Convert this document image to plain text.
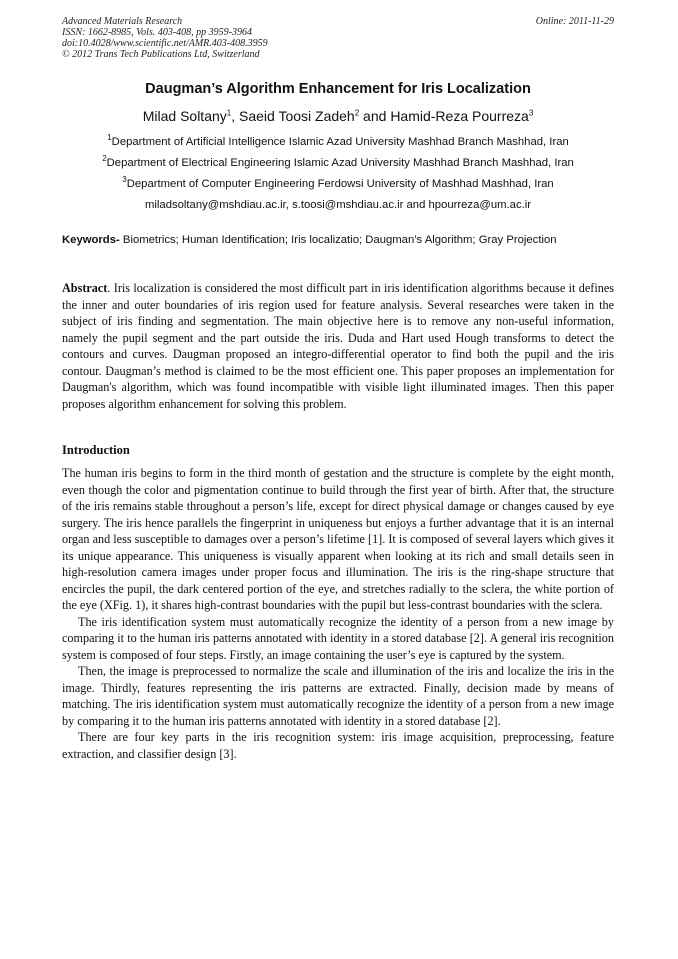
Advanced Materials Research
ISSN: 1662-8985, Vols. 403-408, pp 3959-3964
doi:10.4028/www.scientific.net/AMR.403-408.3959
© 2012 Trans Tech Publications Ltd, Switzerland
Online: 2011-11-29
Daugman’s Algorithm Enhancement for Iris Localization
Milad Soltany$^1$, Saeid Toosi Zadeh$^2$ and Hamid-Reza Pourreza$^3$
$^1$Department of Artificial Intelligence Islamic Azad University Mashhad Branch Mashhad, Iran
$^2$Department of Electrical Engineering Islamic Azad University Mashhad Branch Mashhad, Iran
$^3$Department of Computer Engineering Ferdowsi University of Mashhad Mashhad, Iran
miladsoltany@mshdiau.ac.ir, s.toosi@mshdiau.ac.ir and hpourreza@um.ac.ir
Keywords- Biometrics; Human Identification; Iris localizatio; Daugman’s Algorithm; Gray Projection
Abstract. Iris localization is considered the most difficult part in iris identification algorithms because it defines the inner and outer boundaries of iris region used for feature analysis. Several researches were taken in the subject of iris finding and segmentation. The main objective here is to remove any non-useful information, namely the pupil segment and the part outside the iris. Duda and Hart used Hough transforms to detect the contours and curves. Daugman proposed an integro-differential operator to find both the pupil and the iris contour. Daugman’s method is claimed to be the most efficient one. This paper proposes an implementation for Daugman's algorithm, which was found incompatible with visible light illuminated images. Then this paper proposes algorithm enhancement for solving this problem.
Introduction

The human iris begins to form in the third month of gestation and the structure is complete by the eight month, even though the color and pigmentation continue to build through the first year of birth. After that, the structure of the iris remains stable throughout a person’s life, except for direct physical damage or changes caused by eye surgery. The iris hence parallels the fingerprint in uniqueness but enjoys a further advantage that it is an internal organ and less susceptible to damages over a person’s lifetime [1]. It is composed of several layers which gives it its unique appearance. This uniqueness is visually apparent when looking at its rich and small details seen in high-resolution camera images under proper focus and illumination. The iris is the ring-shape structure that encircles the pupil, the dark centered portion of the eye, and stretches radially to the sclera, the white portion of the eye (XFig. 1), it shares high-contrast boundaries with the pupil but less-contrast boundaries with the sclera.

The iris identification system must automatically recognize the identity of a person from a new image by comparing it to the human iris patterns annotated with identity in a stored database [2]. A general iris recognition system is composed of four steps. Firstly, an image containing the user’s eye is captured by the system.

Then, the image is preprocessed to normalize the scale and illumination of the iris and localize the iris in the image. Thirdly, features representing the iris patterns are extracted. Finally, decision made by means of matching. The iris identification system must automatically recognize the identity of a person from a new image by comparing it to the human iris patterns annotated with identity in a stored database [2].

There are four key parts in the iris recognition system: iris image acquisition, preprocessing, feature extraction, and classifier design [3].
